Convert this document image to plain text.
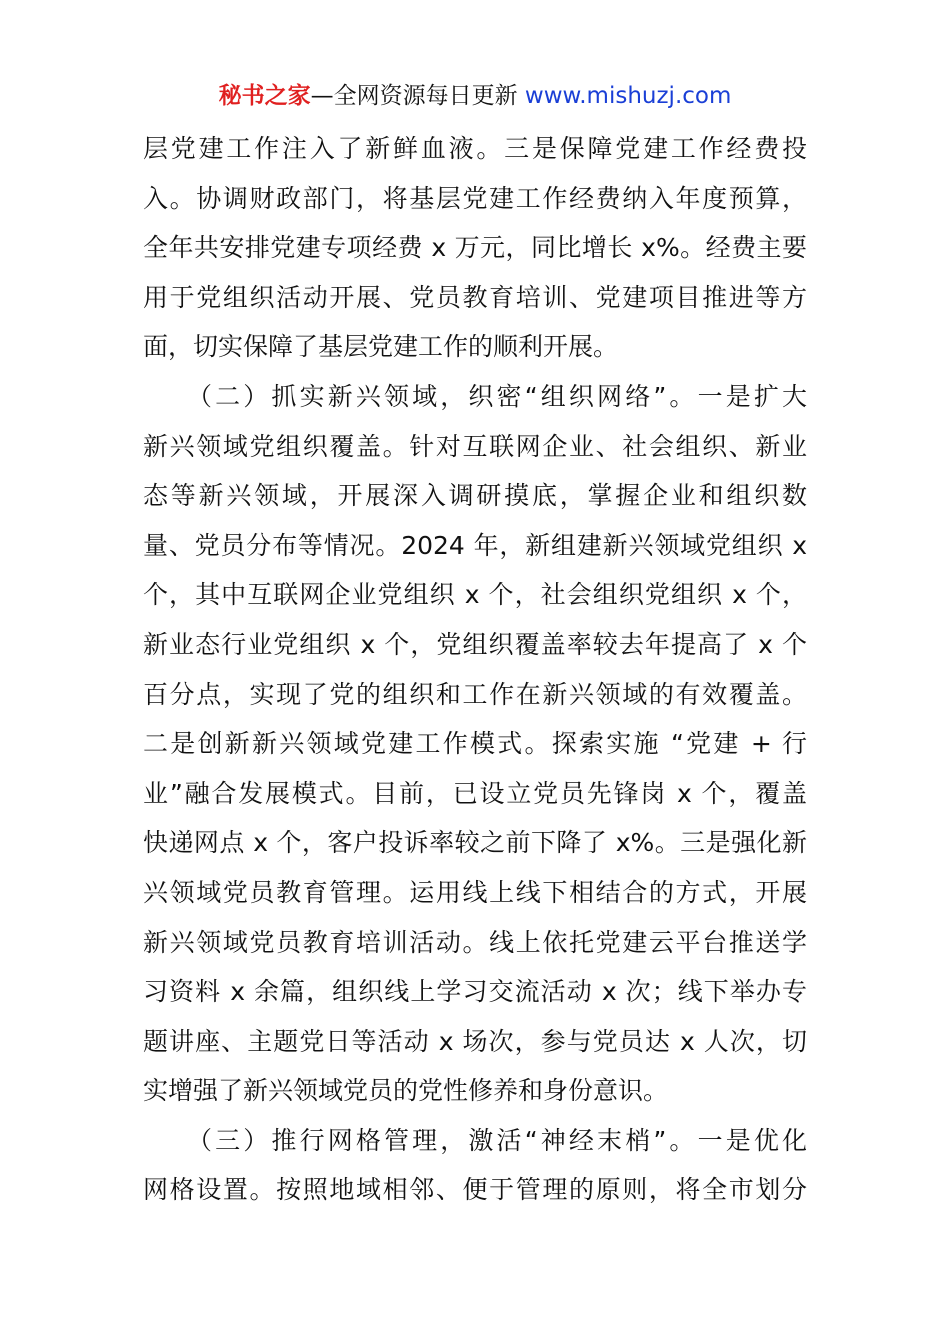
秘书之家—全网资源每日更新 www.mishuzj.com
层党建工作注入了新鲜血液。三是保障党建工作经费投
入。协调财政部门，将基层党建工作经费纳入年度预算，
全年共安排党建专项经费 x 万元，同比增长 x%。经费主要
用于党组织活动开展、党员教育培训、党建项目推进等方
面，切实保障了基层党建工作的顺利开展。
（二）抓实新兴领域，织密“组织网络”。一是扩大
新兴领域党组织覆盖。针对互联网企业、社会组织、新业
态等新兴领域，开展深入调研摸底，掌握企业和组织数
量、党员分布等情况。2024 年，新组建新兴领域党组织 x
个，其中互联网企业党组织 x 个，社会组织党组织 x 个，
新业态行业党组织 x 个，党组织覆盖率较去年提高了 x 个
百分点，实现了党的组织和工作在新兴领域的有效覆盖。
二是创新新兴领域党建工作模式。探索实施 “党建 + 行
业”融合发展模式。目前，已设立党员先锋岗 x 个，覆盖
快递网点 x 个，客户投诉率较之前下降了 x%。三是强化新
兴领域党员教育管理。运用线上线下相结合的方式，开展
新兴领域党员教育培训活动。线上依托党建云平台推送学
习资料 x 余篇，组织线上学习交流活动 x 次；线下举办专
题讲座、主题党日等活动 x 场次，参与党员达 x 人次，切
实增强了新兴领域党员的党性修养和身份意识。
（三）推行网格管理，激活“神经末梢”。一是优化
网格设置。按照地域相邻、便于管理的原则，将全市划分
